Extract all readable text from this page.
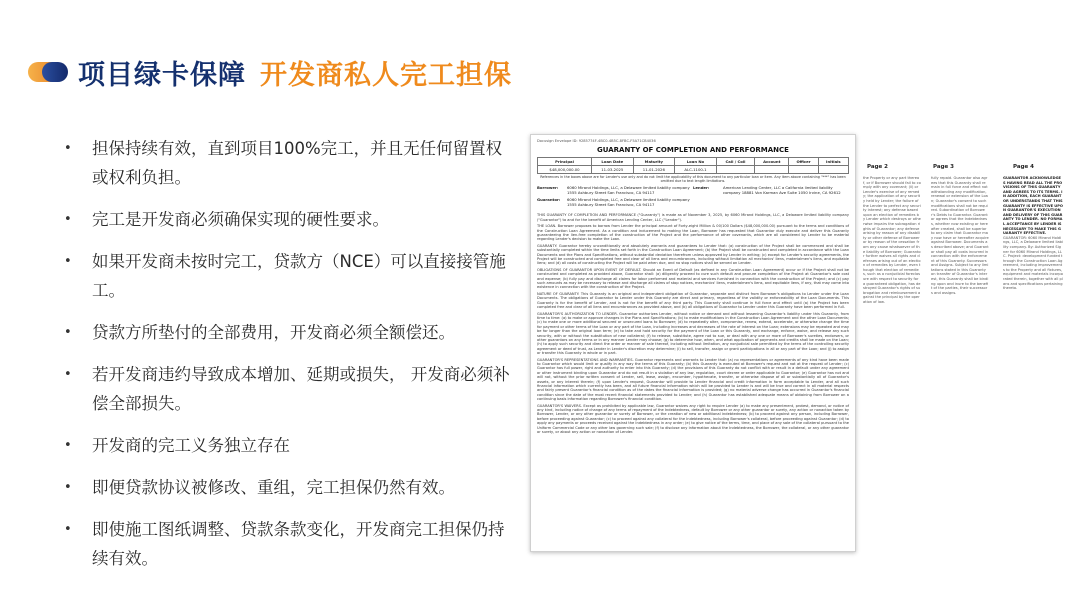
项目绿卡保障 开发商私人完工担保
• 担保持续有效，直到项目100%完工，并且无任何留置权或权利负担。
• 完工是开发商必须确保实现的硬性要求。
• 如果开发商未按时完工，贷款方（NCE）可以直接接管施工。
• 贷款方所垫付的全部费用，开发商必须全额偿还。
• 若开发商违约导致成本增加、延期或损失， 开发商必须补偿全部损失。
• 开发商的完工义务独立存在
• 即便贷款协议被修改、重组，完工担保仍然有效。
• 即使施工图纸调整、贷款条款变化，开发商完工担保仍持续有效。
Page 2	Page 3	Page 4
the Property or any part thereof, or if Borrower should fail to comply with any covenant; (ii) or Lender's exercise of any remedy; the application of any security held by Lender; the failure of the Lender to perfect any security interest; any defense based upon an election of remedies by Lender which destroys or otherwise impairs the subrogation rights of Guarantor; any defense arising by reason of any disability or other defense of Borrower or by reason of the cessation from any cause whatsoever of the liability of Borrower; Guarantor further waives all rights and defenses arising out of an election of remedies by Lender, even though that election of remedies, such as a nonjudicial foreclosure with respect to security for a guaranteed obligation, has destroyed Guarantor's rights of subrogation and reimbursement against the principal by the operation of law.
fully repaid. Guarantor also agrees that this Guaranty shall remain in full force and effect notwithstanding any modification, renewal or extension of the Loan; Guarantor's consent to such modifications shall not be required. Subordination of Borrower's Debts to Guarantor. Guarantor agrees that the Indebtedness, whether now existing or hereafter created, shall be superior to any claim that Guarantor may now have or hereafter acquire against Borrower. Documents as described above; and Guarantor shall pay all costs incurred in connection with the enforcement of this Guaranty. Successors and Assigns. Subject to any limitations stated in this Guaranty on transfer of Guarantor's interest, this Guaranty shall be binding upon and inure to the benefit of the parties, their successors and assigns.
GUARANTOR ACKNOWLEDGES HAVING READ ALL THE PROVISIONS OF THIS GUARANTY AND AGREES TO ITS TERMS. IN ADDITION, EACH GUARANTOR UNDERSTANDS THAT THIS GUARANTY IS EFFECTIVE UPON GUARANTOR'S EXECUTION AND DELIVERY OF THIS GUARANTY TO LENDER. NO FORMAL ACCEPTANCE BY LENDER IS NECESSARY TO MAKE THIS GUARANTY EFFECTIVE.
GUARANTOR: 6060 Mirand Holdings, LLC, a Delaware limited liability company. By: Authorized Signer for 6060 Mirand Holdings, LLC. Project: development funded through the Construction Loan Agreement, including improvements to the Property and all fixtures, equipment and materials incorporated therein, together with all plans and specifications pertaining thereto.
Docusign Envelope ID: 9285774F-4BC0-4B5C-8FBC-F5A71CB4036
GUARANTY OF COMPLETION AND PERFORMANCE
Principal	Loan Date	Maturity	Loan No	Call / Coll	Account	Officer	Initials
$48,000,000.00	11-03-2025	11-01-2026	ALC-1100-1				
References in the boxes above are for Lender's use only and do not limit the applicability of this document to any particular loan or item. Any item above containing "***" has been omitted due to text length limitations.
Borrower:	6060 Mirand Holdings, LLC, a Delaware limited liability company 1555 Ashbury Street San Francisco, CA 94117
Guarantor:	6060 Mirand Holdings, LLC, a Delaware limited liability company 1555 Ashbury Street San Francisco, CA 94117
Lender:	American Lending Center, LLC a California limited liability company 18881 Von Karman Ave Suite 1050 Irvine, CA 92612

THIS GUARANTY OF COMPLETION AND PERFORMANCE ("Guaranty") is made as of November 3, 2025, by 6060 Mirand Holdings, LLC, a Delaware limited liability company ("Guarantor") to and for the benefit of American Lending Center, LLC ("Lender").

THE LOAN. Borrower proposes to borrow from Lender the principal amount of Forty-eight Million & 00/100 Dollars ($48,000,000.00) pursuant to the terms and conditions of the Construction Loan Agreement. As a condition and inducement to making the Loan, Borrower has requested that Guarantor duly execute and deliver this Guaranty guaranteeing the lien-free completion of the construction of the Project and the performance of other covenants, which are all considered by Lender to be material regarding Lender's decision to make the Loan.

GUARANTY. Guarantor hereby unconditionally and absolutely warrants and guarantees to Lender that: (a) construction of the Project shall be commenced and shall be substantially completed within the time limits set forth in the Construction Loan Agreement; (b) the Project shall be constructed and completed in accordance with the Loan Documents and the Plans and Specifications, without substantial deviation therefrom unless approved by Lender in writing; (c) except for Lender's security agreements, the Project will be constructed and completed free and clear of all liens and encumbrances, including without limitation all mechanics' liens, materialmen's liens, and equitable liens; and (d) all costs of constructing the Project will be paid when due, and no stop notices shall be served on Lender.

OBLIGATIONS OF GUARANTOR UPON EVENT OF DEFAULT. Should an Event of Default (as defined in any Construction Loan Agreement) occur or if the Project shall not be constructed and completed as provided above, Guarantor shall: (a) diligently proceed to cure such default and procure completion of the Project at Guarantor's sole cost and expense; (b) fully pay and discharge all claims for labor performed and material and services furnished in connection with the construction of the Project; and (c) pay such amounts as may be necessary to release and discharge all claims of stop notices, mechanics' liens, materialmen's liens, and equitable liens, if any, that may come into existence in connection with the construction of the Project.

NATURE OF GUARANTY. This Guaranty is an original and independent obligation of Guarantor, separate and distinct from Borrower's obligations to Lender under the Loan Documents. The obligations of Guarantor to Lender under this Guaranty are direct and primary, regardless of the validity or enforceability of the Loan Documents. This Guaranty is for the benefit of Lender, and is not for the benefit of any third party. This Guaranty shall continue in full force and effect until (a) the Project has been completed free and clear of all liens and encumbrances as provided above, and (b) all obligations of Guarantor to Lender under this Guaranty have been performed in full.

GUARANTOR'S AUTHORIZATION TO LENDER. Guarantor authorizes Lender, without notice or demand and without lessening Guarantor's liability under this Guaranty, from time to time: (a) to make or approve changes in the Plans and Specifications; (b) to make modifications in the Construction Loan Agreement and the other Loan Documents; (c) to make one or more additional secured or unsecured loans to Borrower; (d) to repeatedly alter, compromise, renew, extend, accelerate, or otherwise change the time for payment or other terms of the Loan or any part of the Loan, including increases and decreases of the rate of interest on the Loan; extensions may be repeated and may be for longer than the original loan term; (e) to take and hold security for the payment of the Loan or this Guaranty, and exchange, enforce, waive, and release any such security, with or without the substitution of new collateral; (f) to release, substitute, agree not to sue, or deal with any one or more of Borrower's sureties, endorsers, or other guarantors on any terms or in any manner Lender may choose; (g) to determine how, when, and what application of payments and credits shall be made on the Loan; (h) to apply such security and direct the order or manner of sale thereof, including without limitation, any nonjudicial sale permitted by the terms of the controlling security agreement or deed of trust, as Lender in Lender's discretion may determine; (i) to sell, transfer, assign or grant participations in all or any part of the Loan; and (j) to assign or transfer this Guaranty in whole or in part.

GUARANTOR'S REPRESENTATIONS AND WARRANTIES. Guarantor represents and warrants to Lender that: (a) no representations or agreements of any kind have been made to Guarantor which would limit or qualify in any way the terms of this Guaranty; (b) this Guaranty is executed at Borrower's request and not at the request of Lender; (c) Guarantor has full power, right and authority to enter into this Guaranty; (d) the provisions of this Guaranty do not conflict with or result in a default under any agreement or other instrument binding upon Guarantor and do not result in a violation of any law, regulation, court decree or order applicable to Guarantor; (e) Guarantor has not and will not, without the prior written consent of Lender, sell, lease, assign, encumber, hypothecate, transfer, or otherwise dispose of all or substantially all of Guarantor's assets, or any interest therein; (f) upon Lender's request, Guarantor will provide to Lender financial and credit information in form acceptable to Lender, and all such financial information which currently has been, and all future financial information which will be provided to Lender is and will be true and correct in all material respects and fairly present Guarantor's financial condition as of the dates the financial information is provided; (g) no material adverse change has occurred in Guarantor's financial condition since the date of the most recent financial statements provided to Lender; and (h) Guarantor has established adequate means of obtaining from Borrower on a continuing basis information regarding Borrower's financial condition.

GUARANTOR'S WAIVERS. Except as prohibited by applicable law, Guarantor waives any right to require Lender (a) to make any presentment, protest, demand, or notice of any kind, including notice of change of any terms of repayment of the Indebtedness, default by Borrower or any other guarantor or surety, any action or nonaction taken by Borrower, Lender, or any other guarantor or surety of Borrower, or the creation of new or additional indebtedness; (b) to proceed against any person, including Borrower, before proceeding against Guarantor; (c) to proceed against any collateral for the Indebtedness, including Borrower's collateral, before proceeding against Guarantor; (d) to apply any payments or proceeds received against the Indebtedness in any order; (e) to give notice of the terms, time, and place of any sale of the collateral pursuant to the Uniform Commercial Code or any other law governing such sale; (f) to disclose any information about the Indebtedness, the Borrower, the collateral, or any other guarantor or surety, or about any action or nonaction of Lender.
